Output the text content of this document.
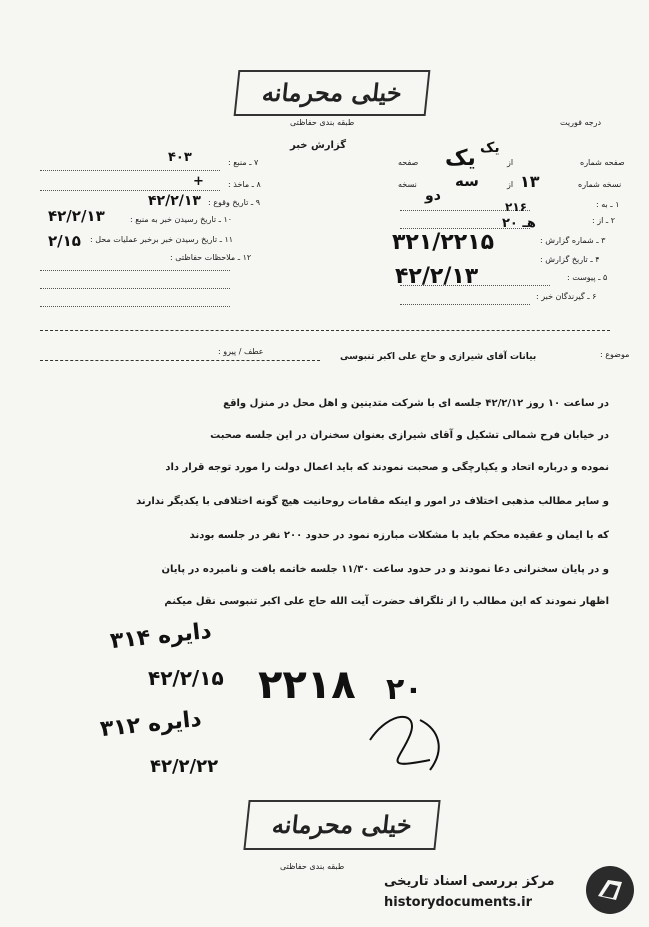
خیلی محرمانه
طبقه بندی حفاظتی	درجه فوریت
گزارش خبر
صفحه شماره
از
صفحه
نسخه شماره
از
نسخه
۱ ـ به :
۲ ـ از :
۳ ـ شماره گزارش :
۴ ـ تاریخ گزارش :
۵ ـ پیوست :
۶ ـ گیرندگان خبر :
۷ ـ منبع :
۸ ـ ماخذ :
۹ ـ تاریخ وقوع :
۱۰ ـ تاریخ رسیدن خبر به منبع :
۱۱ ـ تاریخ رسیدن خبر برخبر عملیات محل :
۱۲ ـ ملاحظات حفاظتی :
یک یک
۱۳
سه
دو
۲۱۶
۲۰ هـ
۳۲۱/۲۲۱۵
۴۲/۲/۱۳
۴۰۳
+
۴۲/۲/۱۳
۴۲/۲/۱۳
۲/۱۵
موضوع :
بیانات آقای شیرازی و حاج علی اکبر تنبوسی
عطف / پیرو :
در ساعت ۱۰ روز ۴۲/۲/۱۲ جلسه ای با شرکت متدینین و اهل محل در منزل واقع
در خیابان فرح شمالی تشکیل و آقای شیرازی بعنوان سخنران در این جلسه صحبت
نموده و درباره اتحاد و یکپارچگی و صحبت نمودند که باید اعمال دولت را مورد توجه قرار داد
و سایر مطالب مذهبی اختلاف در امور و اینکه مقامات روحانیت هیچ گونه اختلافی با یکدیگر ندارند
که با ایمان و عقیده محکم باید با مشکلات مبارزه نمود در حدود ۲۰۰ نفر در جلسه بودند
و در پایان سخنرانی دعا نمودند و در حدود ساعت ۱۱/۳۰ جلسه خاتمه یافت و نامبرده در پایان
اظهار نمودند که این مطالب را از تلگراف حضرت آیت الله حاج علی اکبر تنبوسی نقل میکنم
دایره ۳۱۴
۴۲/۲/۱۵ ۲۲۱۸ ۲۰
دایره ۳۱۲
۴۲/۲/۲۲
خیلی محرمانه
طبقه بندی حفاظتی
مرکز بررسی اسناد تاریخی
historydocuments.ir
